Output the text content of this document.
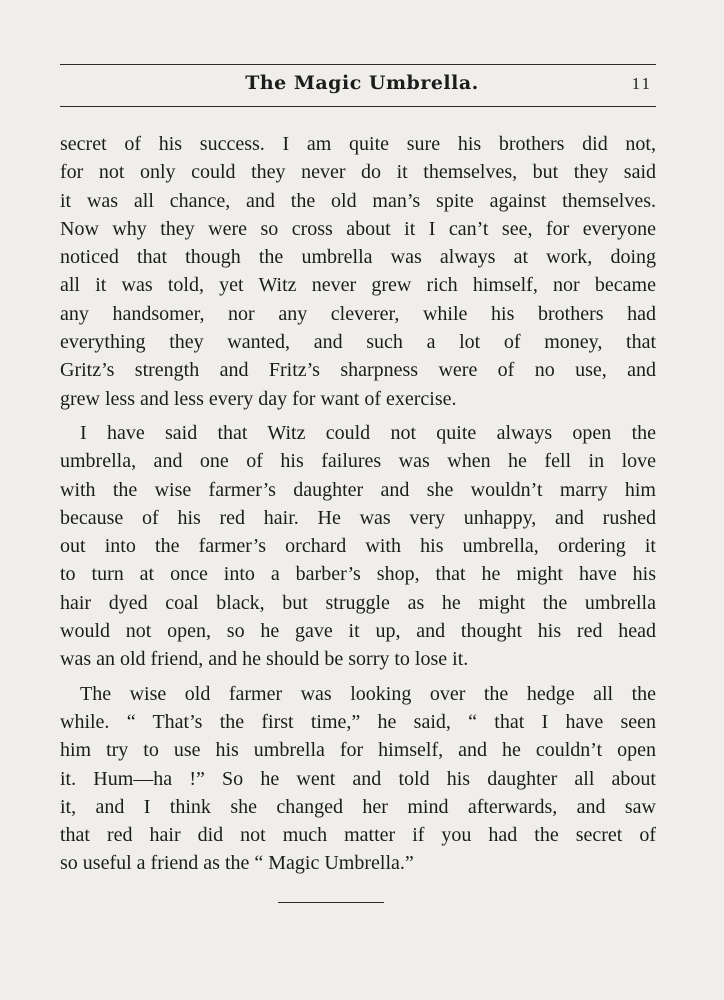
The Magic Umbrella.	11

secret of his success. I am quite sure his brothers did not,
for not only could they never do it themselves, but they said
it was all chance, and the old man’s spite against themselves.
Now why they were so cross about it I can’t see, for everyone
noticed that though the umbrella was always at work, doing
all it was told, yet Witz never grew rich himself, nor became
any handsomer, nor any cleverer, while his brothers had
everything they wanted, and such a lot of money, that
Gritz’s strength and Fritz’s sharpness were of no use, and
grew less and less every day for want of exercise.

I have said that Witz could not quite always open the
umbrella, and one of his failures was when he fell in love
with the wise farmer’s daughter and she wouldn’t marry him
because of his red hair. He was very unhappy, and rushed
out into the farmer’s orchard with his umbrella, ordering it
to turn at once into a barber’s shop, that he might have his
hair dyed coal black, but struggle as he might the umbrella
would not open, so he gave it up, and thought his red head
was an old friend, and he should be sorry to lose it.

The wise old farmer was looking over the hedge all the
while. “ That’s the first time,” he said, “ that I have seen
him try to use his umbrella for himself, and he couldn’t open
it. Hum—ha !” So he went and told his daughter all about
it, and I think she changed her mind afterwards, and saw
that red hair did not much matter if you had the secret of
so useful a friend as the “ Magic Umbrella.”
